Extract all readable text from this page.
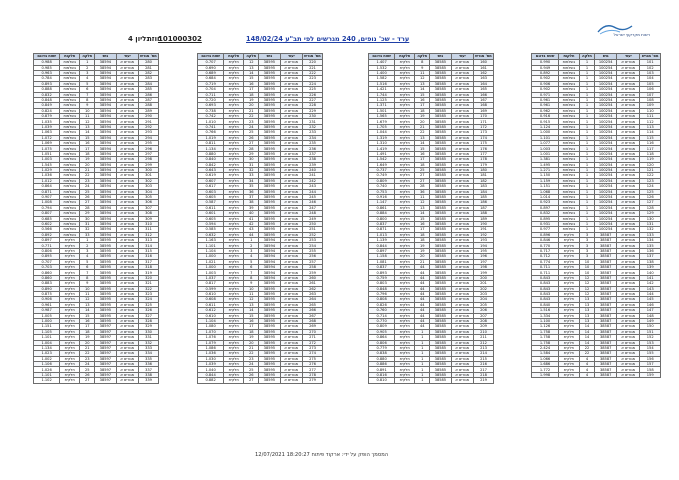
רשות מקרקעי ישראל
ערד - שכ' נופים, 240 מגרשים לפי תב"ע 148/02/24
חוזה
101000302
גליון 4
מס' מגרש	יעוד	גוש	חלקה	חלקות	שטח בדונם
101	מגורים א	100254	1	בשלמות	0.990
102	מגורים א	100254	1	בשלמות	0.949
103	מגורים א	100254	1	בשלמות	0.892
104	מגורים א	100254	1	בשלמות	0.902
105	מגורים א	100254	1	בשלמות	0.906
106	מגורים א	100254	1	בשלמות	0.902
107	מגורים א	100254	1	בשלמות	0.971
108	מגורים א	100254	1	בשלמות	0.961
109	מגורים א	100254	1	בשלמות	0.961
110	מגורים א	100254	1	בשלמות	0.962
111	מגורים א	100254	1	בשלמות	0.916
112	מגורים א	100254	1	בשלמות	0.915
113	מגורים א	100254	1	בשלמות	1.124
114	מגורים א	100254	1	בשלמות	1.000
115	מגורים א	100254	1	בשלמות	1.101
116	מגורים א	100254	1	בשלמות	1.077
117	מגורים א	100254	1	בשלמות	1.003
118	מגורים א	100254	1	בשלמות	1.001
119	מגורים א	100254	1	בשלמות	1.381
120	מגורים א	100254	1	בשלמות	1.495
121	מגורים א	100254	1	בשלמות	1.271
122	מגורים א	100254	1	בשלמות	1.150
123	מגורים א	100254	1	בשלמות	1.159
124	מגורים א	100254	1	בשלמות	1.151
125	מגורים א	100254	1	בשלמות	1.068
126	מגורים א	100254	1	בשלמות	1.014
127	מגורים א	100254	1	בשלמות	0.923
128	מגורים א	100254	1	בשלמות	0.897
129	מגורים א	100254	1	בשלמות	0.832
130	מגורים א	100254	1	בשלמות	0.895
131	מגורים א	100254	1	בשלמות	0.931
132	מגורים א	100254	1	בשלמות	0.977
133	מגורים א	38587	3	חלקית	0.896
134	מגורים א	38587	3	חלקית	0.846
135	מגורים א	38587	3	חלקית	0.770
136	מגורים א	38587	3	חלקית	0.717
137	מגורים א	38587	3	חלקית	0.712
138	מגורים א	38587	10	חלקית	0.774
139	מגורים א	38587	10	חלקית	0.711
140	מגורים א	38587	10	חלקית	0.711
141	מגורים א	38587	12	חלקית	0.843
142	מגורים א	38587	12	חלקית	0.843
143	מגורים א	38587	12	חלקית	0.843
144	מגורים א	38587	12	חלקית	0.843
145	מגורים א	38587	13	חלקית	0.843
146	מגורים א	38587	13	חלקית	0.840
147	מגורים א	38587	13	חלקית	1.516
148	מגורים א	38587	13	חלקית	1.334
149	מגורים א	38587	13	חלקית	1.100
150	מגורים א	38587	14	חלקית	1.126
151	מגורים א	38587	14	חלקית	1.758
152	מגורים א	38587	14	חלקית	1.758
153	מגורים א	38587	14	חלקית	1.758
154	מגורים א	38587	22	חלקית	2.424
155	מגורים א	38587	22	חלקית	1.584
156	מגורים א	38587	4	חלקית	1.066
157	מגורים א	38587	4	חלקית	1.686
158	מגורים א	38587	4	חלקית	1.772
159	מגורים א	38587	4	חלקית	1.998
מס' מגרש	יעוד	גוש	חלקה	חלקות	שטח בדונם
160	מגורים א	38585	8	חלקית	1.407
161	מגורים א	38585	9	חלקית	1.532
162	מגורים א	38585	11	חלקית	1.400
163	מגורים א	38585	12	חלקית	1.582
164	מגורים א	38585	13	חלקית	1.516
165	מגורים א	38585	14	חלקית	1.421
166	מגורים א	38585	15	חלקית	1.744
167	מגורים א	38585	16	חלקית	1.125
168	מגורים א	38585	17	חלקית	1.371
169	מגורים א	38585	18	חלקית	1.501
170	מגורים א	38585	19	חלקית	1.565
171	מגורים א	38585	20	חלקית	1.679
172	מגורים א	38585	21	חלקית	1.705
173	מגורים א	38585	22	חלקית	1.044
174	מגורים א	38585	13	חלקית	1.319
175	מגורים א	38585	14	חלקית	1.310
176	מגורים א	38585	15	חלקית	1.419
177	מגורים א	38585	16	חלקית	1.491
178	מגורים א	38585	17	חלקית	1.542
179	מגורים א	38585	18	חלקית	1.649
180	מגורים א	38585	25	חלקית	0.737
181	מגורים א	38585	27	חלקית	0.749
182	מגורים א	38585	27	חלקית	0.809
183	מגורים א	38585	28	חלקית	0.740
184	מגורים א	38585	36	חלקית	0.753
185	מגורים א	38585	11	חלקית	0.916
186	מגורים א	38585	12	חלקית	1.147
187	מגורים א	38585	13	חלקית	0.861
188	מגורים א	38585	14	חלקית	0.884
189	מגורים א	38585	15	חלקית	0.800
190	מגורים א	38585	16	חלקית	0.837
191	מגורים א	38585	17	חלקית	0.871
192	מגורים א	38585	18	חלקית	1.013
193	מגורים א	38585	18	חלקית	1.139
194	מגורים א	38585	19	חלקית	0.844
195	מגורים א	38585	19	חלקית	0.897
196	מגורים א	38585	20	חלקית	1.158
197	מגורים א	38585	21	חלקית	1.081
198	מגורים א	38585	44	חלקית	0.837
199	מגורים א	38585	44	חלקית	0.893
200	מגורים א	38585	44	חלקית	0.759
201	מגורים א	38585	44	חלקית	0.803
202	מגורים א	38585	44	חלקית	0.848
203	מגורים א	38585	44	חלקית	0.796
204	מגורים א	38585	44	חלקית	0.808
205	מגורים א	38585	44	חלקית	0.826
206	מגורים א	38585	44	חלקית	0.760
207	מגורים א	38585	44	חלקית	0.714
208	מגורים א	38585	44	חלקית	0.770
209	מגורים א	38585	44	חלקית	0.809
210	מגורים א	38585	1	חלקית	0.905
211	מגורים א	38585	1	חלקית	0.864
212	מגורים א	38585	1	חלקית	0.806
213	מגורים א	38585	1	חלקית	0.779
214	מגורים א	38585	1	חלקית	0.838
215	מגורים א	38585	1	חלקית	0.880
216	מגורים א	38585	1	חלקית	0.886
217	מגורים א	38585	1	חלקית	0.891
218	מגורים א	38585	1	חלקית	0.816
219	מגורים א	38585	1	חלקית	0.810
מס' מגרש	יעוד	גוש	חלקה	חלקות	שטח בדונם
220	מגורים א	38595	12	חלקית	0.707
221	מגורים א	38595	13	חלקית	0.690
222	מגורים א	38595	14	חלקית	0.689
223	מגורים א	38595	15	חלקית	0.684
224	מגורים א	38595	16	חלקית	0.719
225	מגורים א	38595	17	חלקית	0.704
226	מגורים א	38595	18	חלקית	0.711
227	מגורים א	38595	19	חלקית	0.720
228	מגורים א	38595	20	חלקית	0.693
229	מגורים א	38595	21	חלקית	0.738
230	מגורים א	38595	22	חלקית	0.742
231	מגורים א	38595	23	חלקית	1.010
232	מגורים א	38595	24	חלקית	0.741
233	מגורים א	38595	25	חלקית	0.766
234	מגורים א	38595	26	חלקית	1.019
235	מגורים א	38595	27	חלקית	0.811
236	מגורים א	38595	28	חלקית	1.134
237	מגורים א	38595	29	חלקית	0.880
238	מגורים א	38595	30	חלקית	0.840
239	מגורים א	38595	31	חלקית	0.842
240	מגורים א	38595	32	חלקית	0.643
241	מגורים א	38595	33	חלקית	0.619
242	מגורים א	38595	34	חלקית	0.607
243	מגורים א	38595	35	חלקית	0.617
244	מגורים א	38595	36	חלקית	0.603
245	מגורים א	38595	37	חלקית	0.605
246	מגורים א	38595	38	חלקית	0.587
247	מגורים א	38595	39	חלקית	0.611
248	מגורים א	38595	40	חלקית	0.601
249	מגורים א	38595	41	חלקית	0.605
250	מגורים א	38595	42	חלקית	0.594
251	מגורים א	38595	43	חלקית	0.585
252	מגורים א	38595	44	חלקית	0.632
253	מגורים א	38594	1	חלקית	1.163
254	מגורים א	38594	2	חלקית	1.101
255	מגורים א	38594	3	חלקית	1.104
256	מגורים א	38594	4	חלקית	1.000
257	מגורים א	38594	5	חלקית	1.021
258	מגורים א	38594	6	חלקית	1.000
259	מגורים א	38594	7	חלקית	1.003
260	מגורים א	38594	8	חלקית	1.037
261	מגורים א	38595	9	חלקית	0.817
262	מגורים א	38595	10	חלקית	0.599
263	מגורים א	38595	11	חלקית	0.610
264	מגורים א	38595	12	חלקית	0.608
265	מגורים א	38595	13	חלקית	0.611
266	מגורים א	38595	14	חלקית	0.612
267	מגורים א	38595	15	חלקית	0.610
268	מגורים א	38595	16	חלקית	1.104
269	מגורים א	38595	17	חלקית	1.080
270	מגורים א	38595	18	חלקית	1.070
271	מגורים א	38595	19	חלקית	1.076
272	מגורים א	38595	20	חלקית	1.079
273	מגורים א	38595	21	חלקית	1.086
274	מגורים א	38595	22	חלקית	1.036
275	מגורים א	38595	23	חלקית	1.030
276	מגורים א	38595	24	חלקית	1.039
277	מגורים א	38595	25	חלקית	1.040
278	מגורים א	38595	26	חלקית	0.844
279	מגורים א	38595	27	חלקית	0.882
מס' מגרש	יעוד	גוש	חלקה	חלקות	שטח בדונם
280	מגורים א	38594	1	בשלמות	0.988
281	מגורים א	38594	2	בשלמות	0.985
282	מגורים א	38594	3	בשלמות	0.963
283	מגורים א	38594	4	בשלמות	0.784
284	מגורים א	38594	5	בשלמות	0.893
285	מגורים א	38594	6	בשלמות	0.888
286	מגורים א	38594	7	בשלמות	0.832
287	מגורים א	38594	8	בשלמות	0.848
288	מגורים א	38594	9	בשלמות	0.849
289	מגורים א	38594	10	בשלמות	0.824
290	מגורים א	38594	11	בשלמות	0.879
291	מגורים א	38594	12	בשלמות	1.035
292	מגורים א	38594	13	בשלמות	1.039
293	מגורים א	38594	14	בשלמות	1.063
294	מגורים א	38594	15	בשלמות	1.072
295	מגורים א	38594	16	בשלמות	1.069
296	מגורים א	38594	17	בשלמות	1.075
297	מגורים א	38594	18	בשלמות	1.051
298	מגורים א	38594	19	בשלמות	1.003
299	מגורים א	38594	20	בשלמות	1.545
300	מגורים א	38594	21	בשלמות	1.029
301	מגורים א	38594	22	בשלמות	1.036
302	מגורים א	38594	23	בשלמות	1.012
303	מגורים א	38594	24	בשלמות	0.864
304	מגורים א	38594	25	בשלמות	0.871
305	מגורים א	38594	26	בשלמות	0.907
306	מגורים א	38594	27	בשלמות	1.008
307	מגורים א	38594	28	בשלמות	0.794
308	מגורים א	38594	29	בשלמות	0.807
309	מגורים א	38594	30	בשלמות	0.685
310	מגורים א	38594	31	בשלמות	0.602
311	מגורים א	38594	32	בשלמות	0.566
312	מגורים א	38594	33	בשלמות	0.892
313	מגורים א	38595	1	חלקית	0.897
314	מגורים א	38595	2	חלקית	0.771
315	מגורים א	38595	3	חלקית	0.806
316	מגורים א	38595	4	חלקית	0.895
317	מגורים א	38595	5	חלקית	0.707
318	מגורים א	38595	6	חלקית	0.703
319	מגורים א	38595	7	חלקית	0.860
320	מגורים א	38595	8	חלקית	0.860
321	מגורים א	38595	9	חלקית	0.883
322	מגורים א	38595	10	חלקית	0.890
323	מגורים א	38595	11	חלקית	0.875
324	מגורים א	38595	12	חלקית	0.906
325	מגורים א	38595	13	חלקית	0.961
326	מגורים א	38595	14	חלקית	0.987
327	מגורים א	38595	15	חלקית	1.005
328	מגורים א	38595	16	חלקית	1.000
329	מגורים א	38597	17	חלקית	1.151
330	מגורים א	38597	18	חלקית	1.105
331	מגורים א	38597	19	חלקית	1.101
332	מגורים א	38597	20	חלקית	1.004
333	מגורים א	38597	21	חלקית	1.134
334	מגורים א	38597	22	חלקית	1.023
335	מגורים א	38597	23	חלקית	1.002
336	מגורים א	38597	24	חלקית	1.106
337	מגורים א	38597	25	חלקית	1.026
338	מגורים א	38597	26	חלקית	1.101
339	מגורים א	38597	27	חלקית	1.102
המסמך הופק על ידי: ארקוד פיתוח 18:20:27 12/07/2021
